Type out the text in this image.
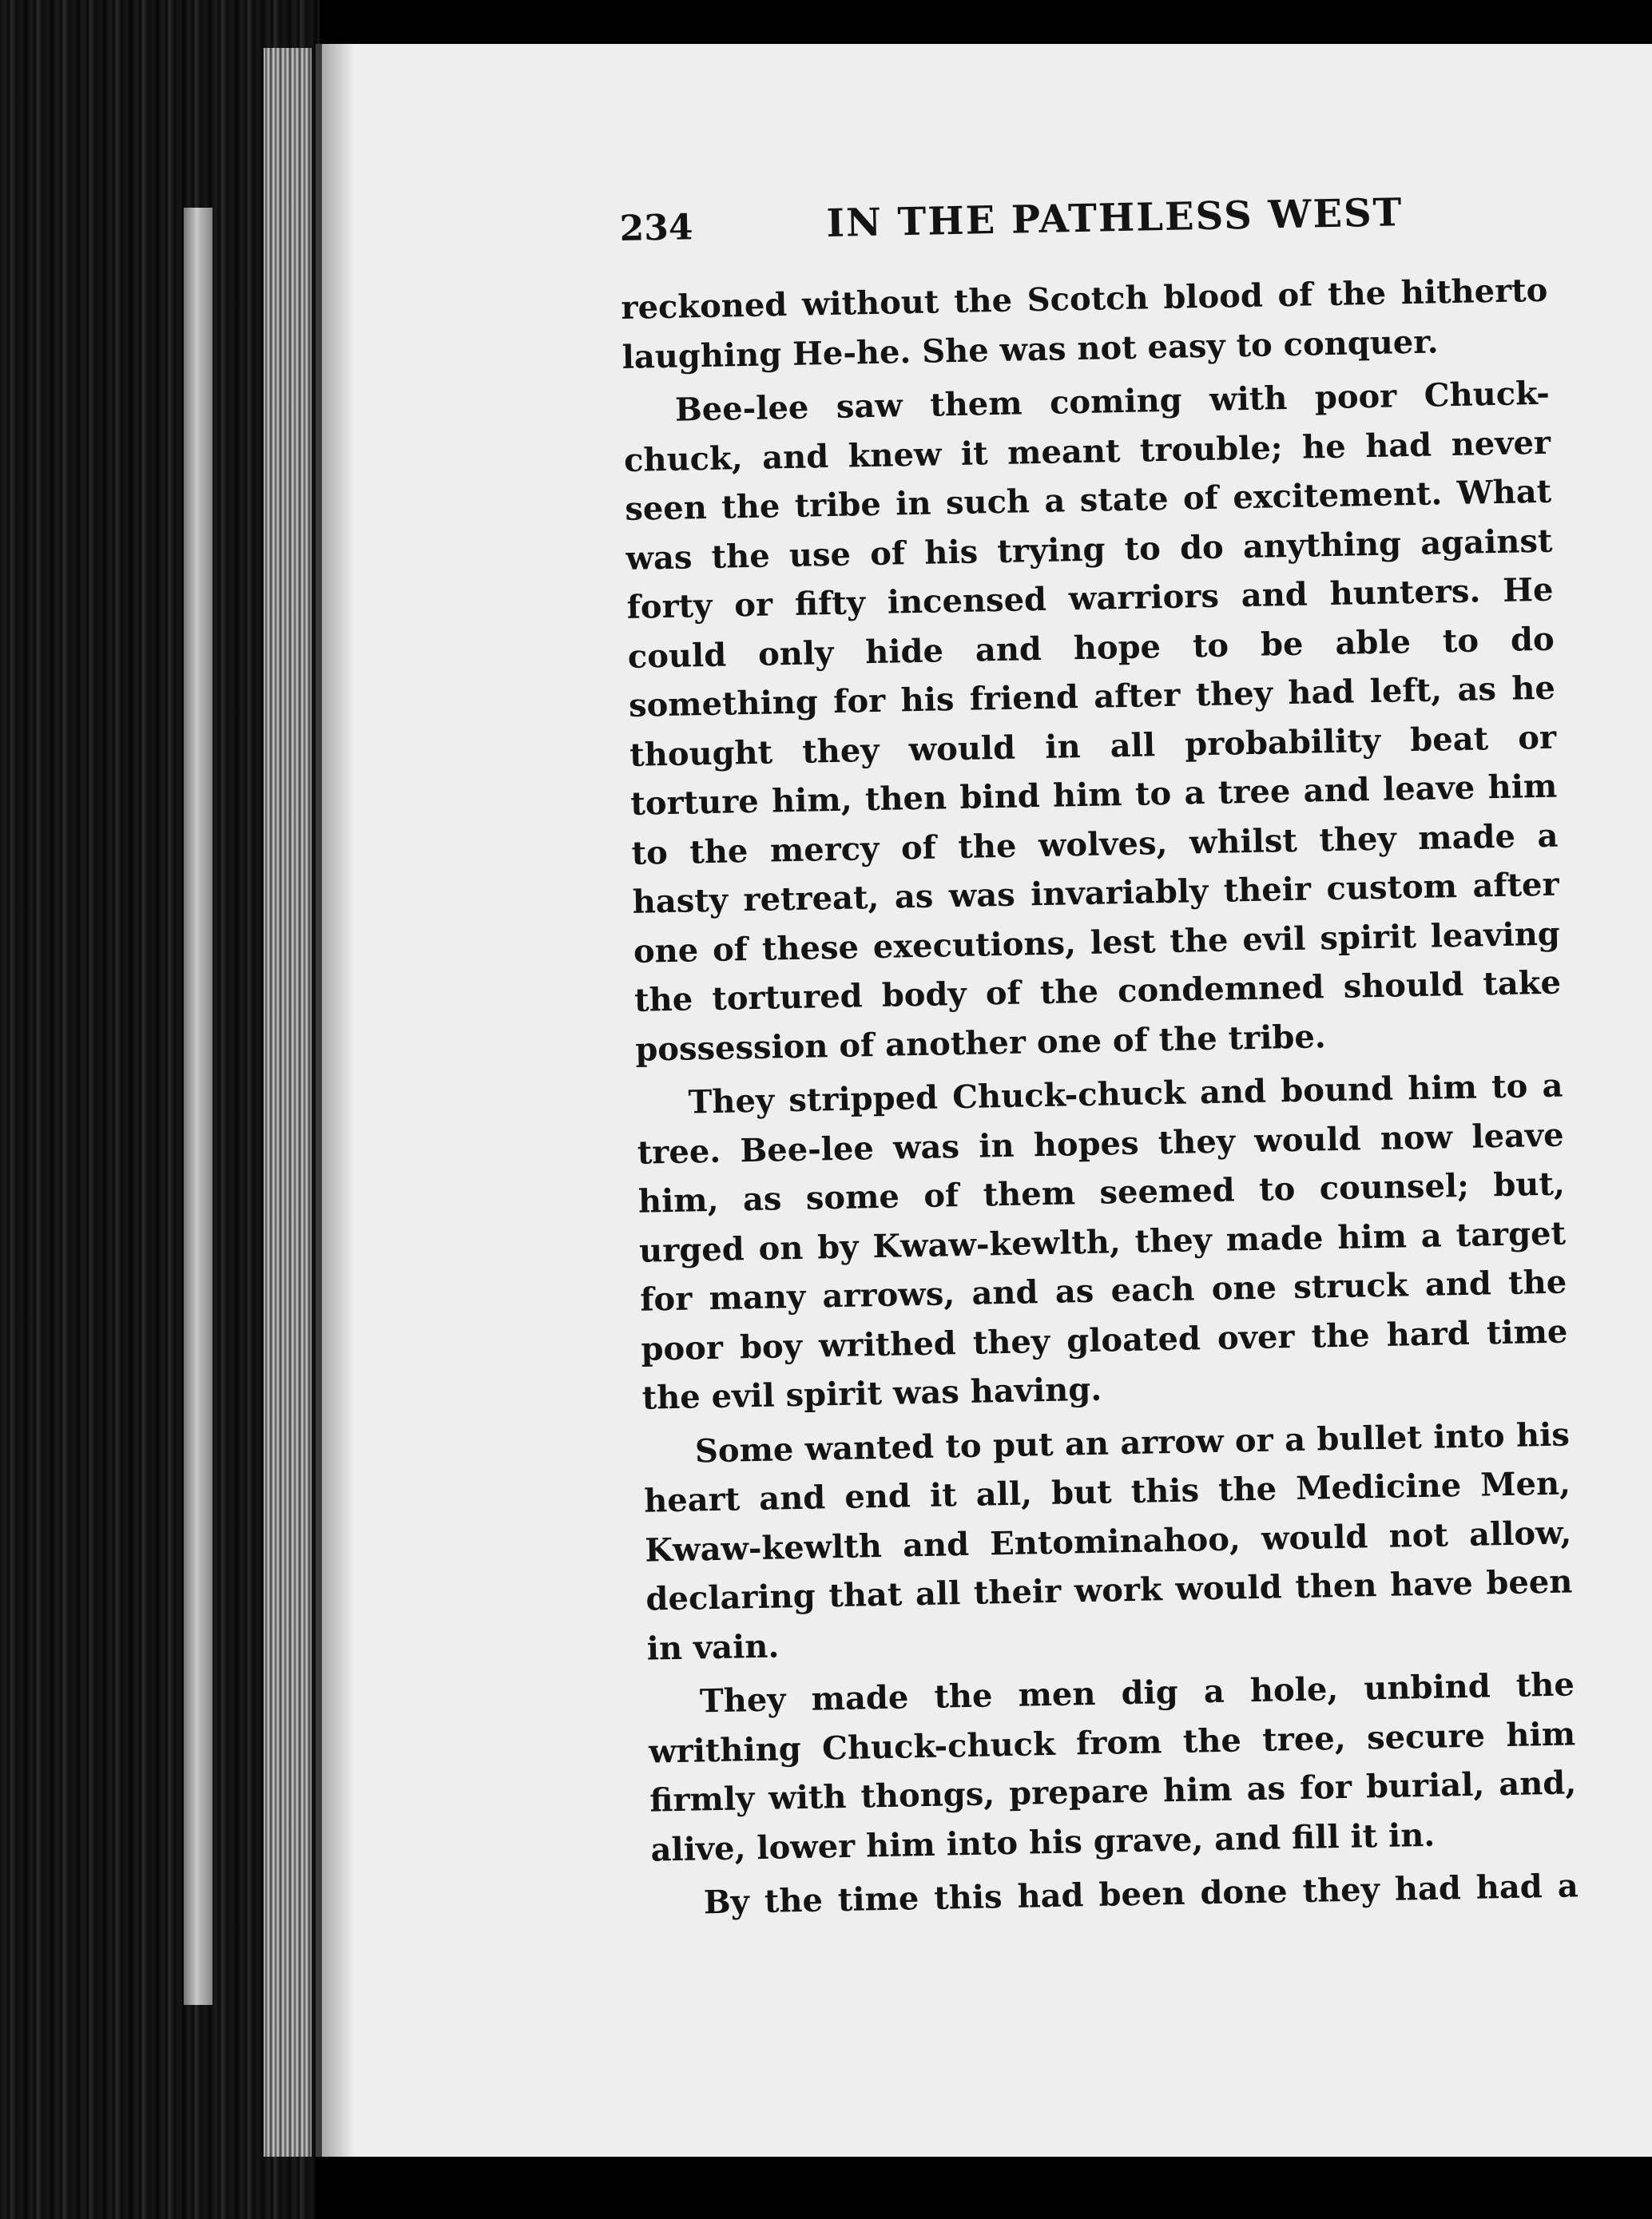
234	IN THE PATHLESS WEST

reckoned without the Scotch blood of the hitherto laughing He-he. She was not easy to conquer.

Bee-lee saw them coming with poor Chuck-chuck, and knew it meant trouble; he had never seen the tribe in such a state of excitement. What was the use of his trying to do anything against forty or fifty incensed warriors and hunters. He could only hide and hope to be able to do something for his friend after they had left, as he thought they would in all probability beat or torture him, then bind him to a tree and leave him to the mercy of the wolves, whilst they made a hasty retreat, as was invariably their custom after one of these executions, lest the evil spirit leaving the tortured body of the condemned should take possession of another one of the tribe.

They stripped Chuck-chuck and bound him to a tree. Bee-lee was in hopes they would now leave him, as some of them seemed to counsel; but, urged on by Kwaw-kewlth, they made him a target for many arrows, and as each one struck and the poor boy writhed they gloated over the hard time the evil spirit was having.

Some wanted to put an arrow or a bullet into his heart and end it all, but this the Medicine Men, Kwaw-kewlth and Entominahoo, would not allow, declaring that all their work would then have been in vain.

They made the men dig a hole, unbind the writhing Chuck-chuck from the tree, secure him firmly with thongs, prepare him as for burial, and, alive, lower him into his grave, and fill it in.

By the time this had been done they had had a
